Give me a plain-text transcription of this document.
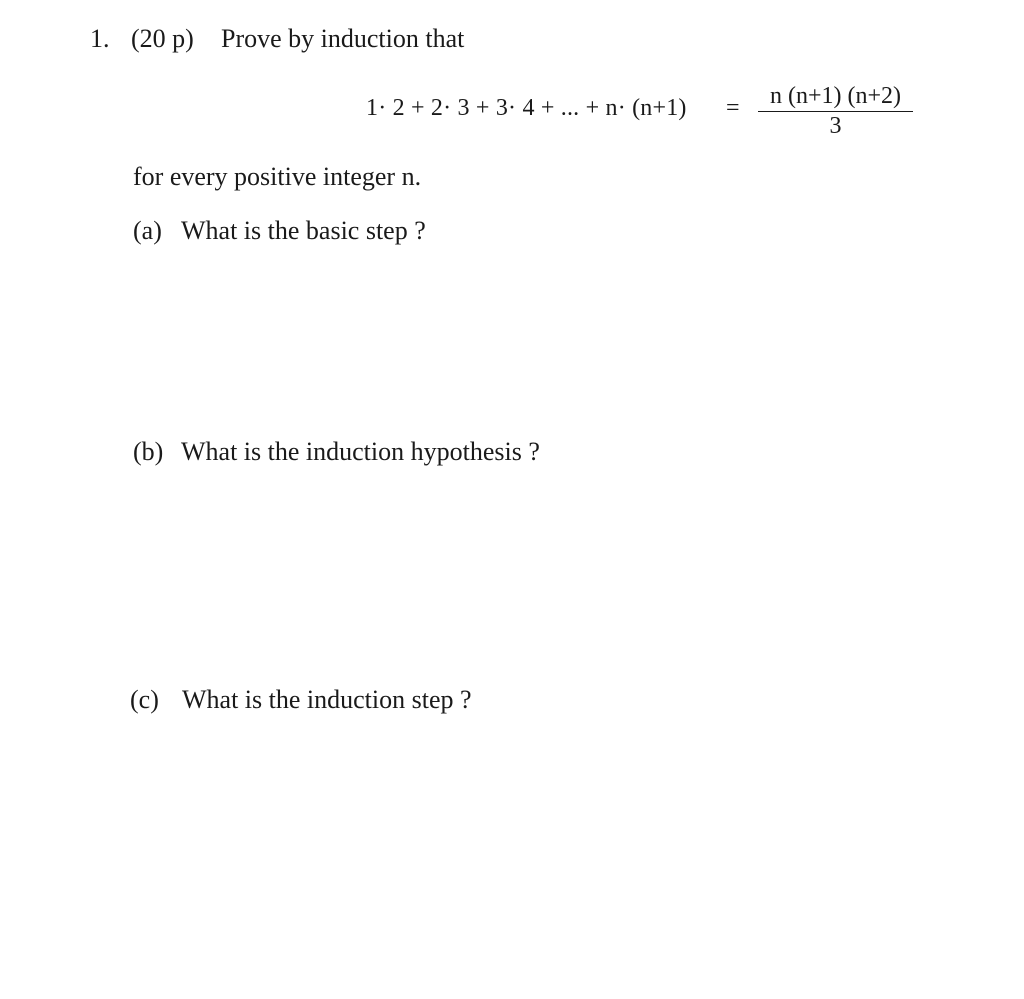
1. (20 p) Prove by induction that
1· 2 + 2· 3 + 3· 4 + ... + $n\cdot (n+1) = \frac{n (n+1) (n+2)}{3}$
for every positive integer n.
(a) What is the basic step ?
(b) What is the induction hypothesis ?
(c) What is the induction step ?
